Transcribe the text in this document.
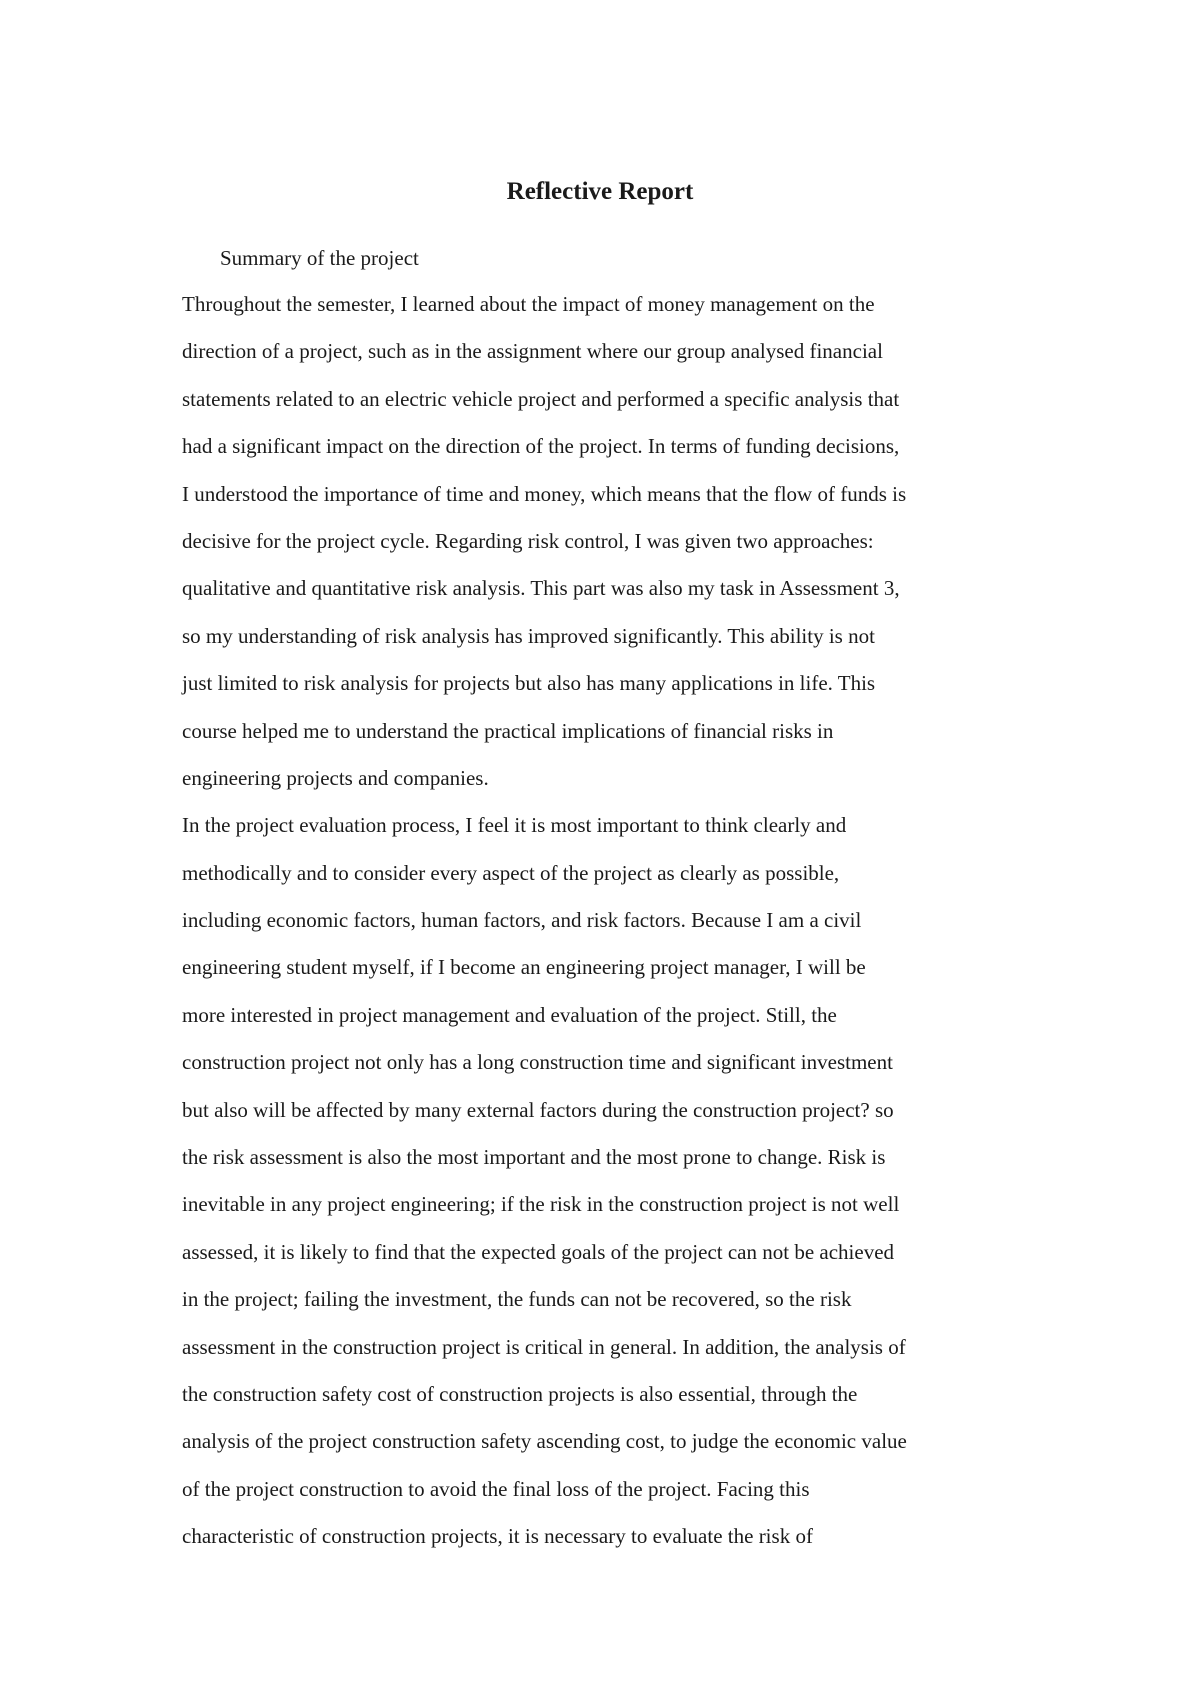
Reflective Report

Summary of the project

Throughout the semester, I learned about the impact of money management on the
direction of a project, such as in the assignment where our group analysed financial
statements related to an electric vehicle project and performed a specific analysis that
had a significant impact on the direction of the project. In terms of funding decisions,
I understood the importance of time and money, which means that the flow of funds is
decisive for the project cycle. Regarding risk control, I was given two approaches:
qualitative and quantitative risk analysis. This part was also my task in Assessment 3,
so my understanding of risk analysis has improved significantly. This ability is not
just limited to risk analysis for projects but also has many applications in life. This
course helped me to understand the practical implications of financial risks in
engineering projects and companies.
In the project evaluation process, I feel it is most important to think clearly and
methodically and to consider every aspect of the project as clearly as possible,
including economic factors, human factors, and risk factors. Because I am a civil
engineering student myself, if I become an engineering project manager, I will be
more interested in project management and evaluation of the project. Still, the
construction project not only has a long construction time and significant investment
but also will be affected by many external factors during the construction project? so
the risk assessment is also the most important and the most prone to change. Risk is
inevitable in any project engineering; if the risk in the construction project is not well
assessed, it is likely to find that the expected goals of the project can not be achieved
in the project; failing the investment, the funds can not be recovered, so the risk
assessment in the construction project is critical in general. In addition, the analysis of
the construction safety cost of construction projects is also essential, through the
analysis of the project construction safety ascending cost, to judge the economic value
of the project construction to avoid the final loss of the project. Facing this
characteristic of construction projects, it is necessary to evaluate the risk of
